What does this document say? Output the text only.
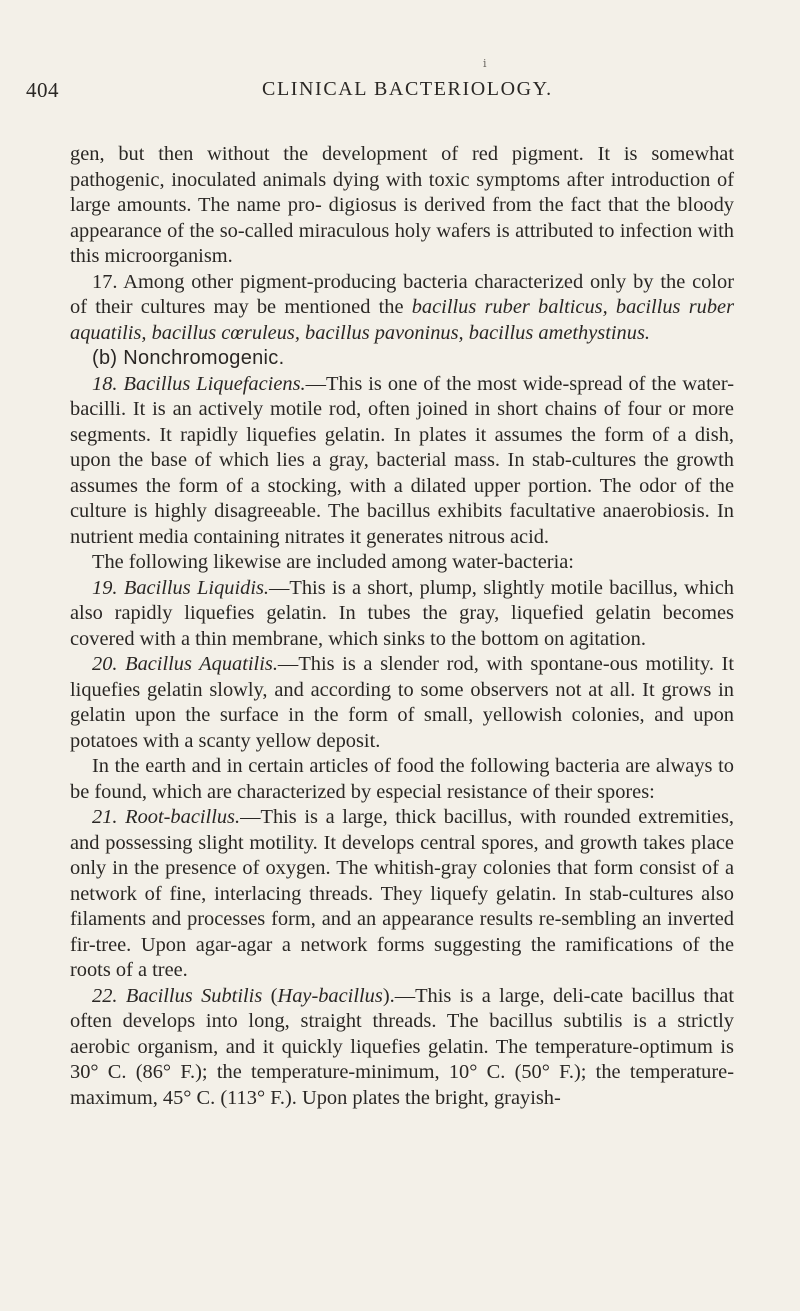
i
404	CLINICAL BACTERIOLOGY.

gen, but then without the development of red pigment. It is somewhat pathogenic, inoculated animals dying with toxic symptoms after introduction of large amounts. The name pro- digiosus is derived from the fact that the bloody appearance of the so-called miraculous holy wafers is attributed to infection with this microorganism.

17. Among other pigment-producing bacteria characterized only by the color of their cultures may be mentioned the bacillus ruber balticus, bacillus ruber aquatilis, bacillus cœruleus, bacillus pavoninus, bacillus amethystinus.

(b) Nonchromogenic.

18. Bacillus Liquefaciens.—This is one of the most wide-spread of the water-bacilli. It is an actively motile rod, often joined in short chains of four or more segments. It rapidly liquefies gelatin. In plates it assumes the form of a dish, upon the base of which lies a gray, bacterial mass. In stab-cultures the growth assumes the form of a stocking, with a dilated upper portion. The odor of the culture is highly disagreeable. The bacillus exhibits facultative anaerobiosis. In nutrient media containing nitrates it generates nitrous acid.

The following likewise are included among water-bacteria:

19. Bacillus Liquidis.—This is a short, plump, slightly motile bacillus, which also rapidly liquefies gelatin. In tubes the gray, liquefied gelatin becomes covered with a thin membrane, which sinks to the bottom on agitation.

20. Bacillus Aquatilis.—This is a slender rod, with spontane-ous motility. It liquefies gelatin slowly, and according to some observers not at all. It grows in gelatin upon the surface in the form of small, yellowish colonies, and upon potatoes with a scanty yellow deposit.

In the earth and in certain articles of food the following bacteria are always to be found, which are characterized by especial resistance of their spores:

21. Root-bacillus.—This is a large, thick bacillus, with rounded extremities, and possessing slight motility. It develops central spores, and growth takes place only in the presence of oxygen. The whitish-gray colonies that form consist of a network of fine, interlacing threads. They liquefy gelatin. In stab-cultures also filaments and processes form, and an appearance results re-sembling an inverted fir-tree. Upon agar-agar a network forms suggesting the ramifications of the roots of a tree.

22. Bacillus Subtilis (Hay-bacillus).—This is a large, deli-cate bacillus that often develops into long, straight threads. The bacillus subtilis is a strictly aerobic organism, and it quickly liquefies gelatin. The temperature-optimum is 30° C. (86° F.); the temperature-minimum, 10° C. (50° F.); the temperature-maximum, 45° C. (113° F.). Upon plates the bright, grayish-
